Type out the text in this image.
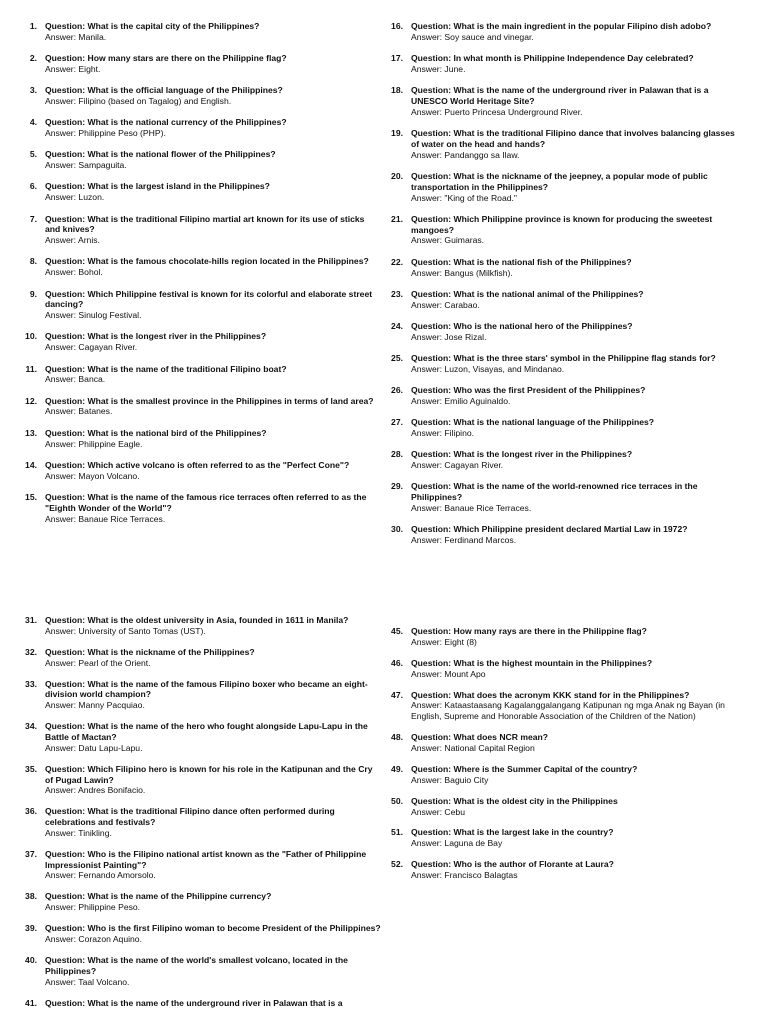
1. Question: What is the capital city of the Philippines?
Answer: Manila.
2. Question: How many stars are there on the Philippine flag?
Answer: Eight.
3. Question: What is the official language of the Philippines?
Answer: Filipino (based on Tagalog) and English.
4. Question: What is the national currency of the Philippines?
Answer: Philippine Peso (PHP).
5. Question: What is the national flower of the Philippines?
Answer: Sampaguita.
6. Question: What is the largest island in the Philippines?
Answer: Luzon.
7. Question: What is the traditional Filipino martial art known for its use of sticks and knives?
Answer: Arnis.
8. Question: What is the famous chocolate-hills region located in the Philippines?
Answer: Bohol.
9. Question: Which Philippine festival is known for its colorful and elaborate street dancing?
Answer: Sinulog Festival.
10. Question: What is the longest river in the Philippines?
Answer: Cagayan River.
11. Question: What is the name of the traditional Filipino boat?
Answer: Banca.
12. Question: What is the smallest province in the Philippines in terms of land area?
Answer: Batanes.
13. Question: What is the national bird of the Philippines?
Answer: Philippine Eagle.
14. Question: Which active volcano is often referred to as the "Perfect Cone"?
Answer: Mayon Volcano.
15. Question: What is the name of the famous rice terraces often referred to as the "Eighth Wonder of the World"?
Answer: Banaue Rice Terraces.
16. Question: What is the main ingredient in the popular Filipino dish adobo?
Answer: Soy sauce and vinegar.
17. Question: In what month is Philippine Independence Day celebrated?
Answer: June.
18. Question: What is the name of the underground river in Palawan that is a UNESCO World Heritage Site?
Answer: Puerto Princesa Underground River.
19. Question: What is the traditional Filipino dance that involves balancing glasses of water on the head and hands?
Answer: Pandanggo sa Ilaw.
20. Question: What is the nickname of the jeepney, a popular mode of public transportation in the Philippines?
Answer: "King of the Road."
21. Question: Which Philippine province is known for producing the sweetest mangoes?
Answer: Guimaras.
22. Question: What is the national fish of the Philippines?
Answer: Bangus (Milkfish).
23. Question: What is the national animal of the Philippines?
Answer: Carabao.
24. Question: Who is the national hero of the Philippines?
Answer: Jose Rizal.
25. Question: What is the three stars' symbol in the Philippine flag stands for?
Answer: Luzon, Visayas, and Mindanao.
26. Question: Who was the first President of the Philippines?
Answer: Emilio Aguinaldo.
27. Question: What is the national language of the Philippines?
Answer: Filipino.
28. Question: What is the longest river in the Philippines?
Answer: Cagayan River.
29. Question: What is the name of the world-renowned rice terraces in the Philippines?
Answer: Banaue Rice Terraces.
30. Question: Which Philippine president declared Martial Law in 1972?
Answer: Ferdinand Marcos.
31. Question: What is the oldest university in Asia, founded in 1611 in Manila?
Answer: University of Santo Tomas (UST).
32. Question: What is the nickname of the Philippines?
Answer: Pearl of the Orient.
33. Question: What is the name of the famous Filipino boxer who became an eight-division world champion?
Answer: Manny Pacquiao.
34. Question: What is the name of the hero who fought alongside Lapu-Lapu in the Battle of Mactan?
Answer: Datu Lapu-Lapu.
35. Question: Which Filipino hero is known for his role in the Katipunan and the Cry of Pugad Lawin?
Answer: Andres Bonifacio.
36. Question: What is the traditional Filipino dance often performed during celebrations and festivals?
Answer: Tinikling.
37. Question: Who is the Filipino national artist known as the "Father of Philippine Impressionist Painting"?
Answer: Fernando Amorsolo.
38. Question: What is the name of the Philippine currency?
Answer: Philippine Peso.
39. Question: Who is the first Filipino woman to become President of the Philippines?
Answer: Corazon Aquino.
40. Question: What is the name of the world's smallest volcano, located in the Philippines?
Answer: Taal Volcano.
41. Question: What is the name of the underground river in Palawan that is a
45. Question: How many rays are there in the Philippine flag?
Answer: Eight (8)
46. Question: What is the highest mountain in the Philippines?
Answer: Mount Apo
47. Question: What does the acronym KKK stand for in the Philippines?
Answer: Kataastaasang Kagalanggalangang Katipunan ng mga Anak ng Bayan (in English, Supreme and Honorable Association of the Children of the Nation)
48. Question: What does NCR mean?
Answer: National Capital Region
49. Question: Where is the Summer Capital of the country?
Answer: Baguio City
50. Question: What is the oldest city in the Philippines
Answer: Cebu
51. Question: What is the largest lake in the country?
Answer: Laguna de Bay
52. Question: Who is the author of Florante at Laura?
Answer: Francisco Balagtas
